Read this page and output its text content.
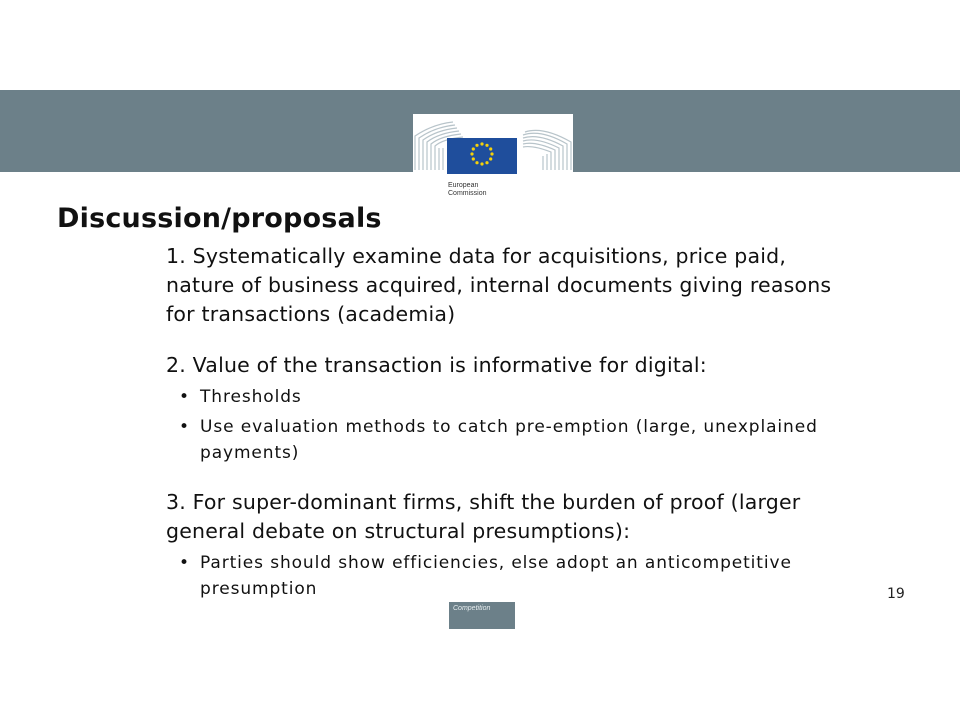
European
Commission
Discussion/proposals

1. Systematically examine data for acquisitions, price paid, nature of business acquired, internal documents giving reasons for transactions (academia)

2. Value of the transaction is informative for digital:

• Thresholds
• Use evaluation methods to catch pre-emption (large, unexplained payments)

3. For super-dominant firms, shift the burden of proof (larger general debate on structural presumptions):

• Parties should show efficiencies, else adopt an anticompetitive presumption	19
Competition
